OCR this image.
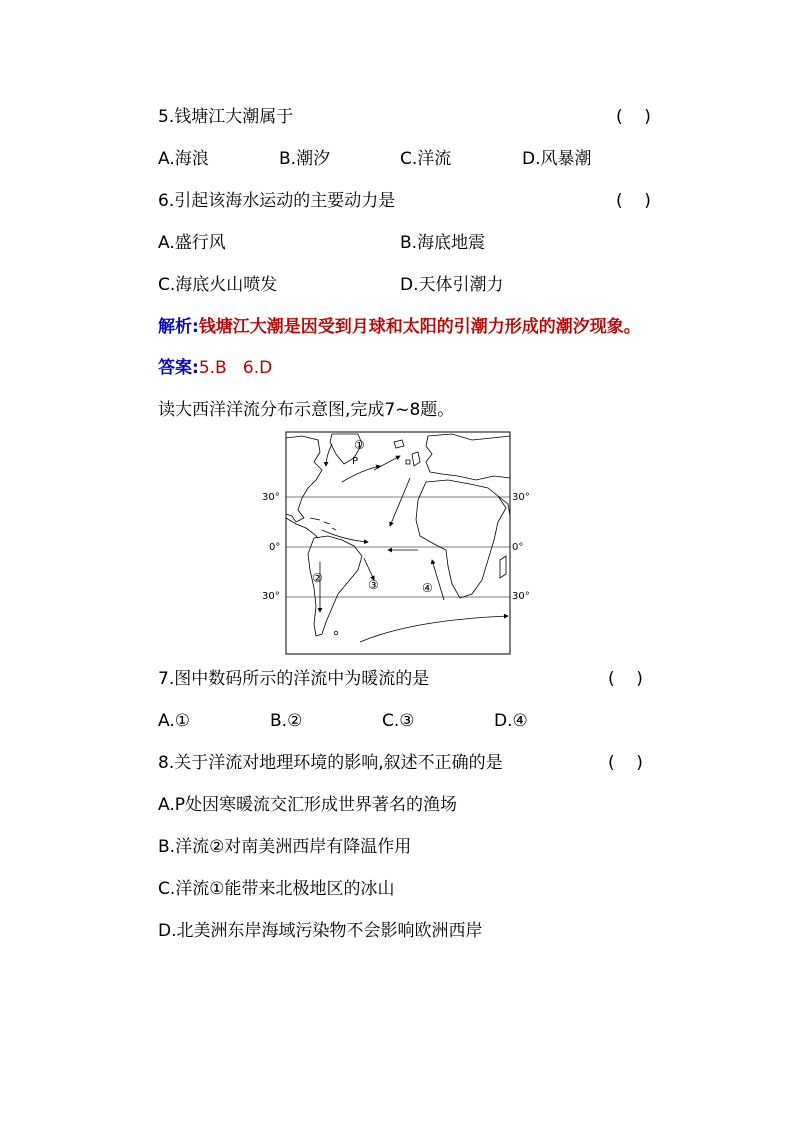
5.钱塘江大潮属于	(    )
A.海浪	B.潮汐	C.洋流	D.风暴潮
6.引起该海水运动的主要动力是	(    )
A.盛行风	B.海底地震
C.海底火山喷发	D.天体引潮力
解析:钱塘江大潮是因受到月球和太阳的引潮力形成的潮汐现象。
答案:5.B   6.D
读大西洋洋流分布示意图,完成7~8题。
30°
0°
30°
30°
0°
30°
①
②	③	④
P
7.图中数码所示的洋流中为暖流的是	(    )
A.①	B.②	C.③	D.④
8.关于洋流对地理环境的影响,叙述不正确的是	(    )
A.P处因寒暖流交汇形成世界著名的渔场
B.洋流②对南美洲西岸有降温作用
C.洋流①能带来北极地区的冰山
D.北美洲东岸海域污染物不会影响欧洲西岸
